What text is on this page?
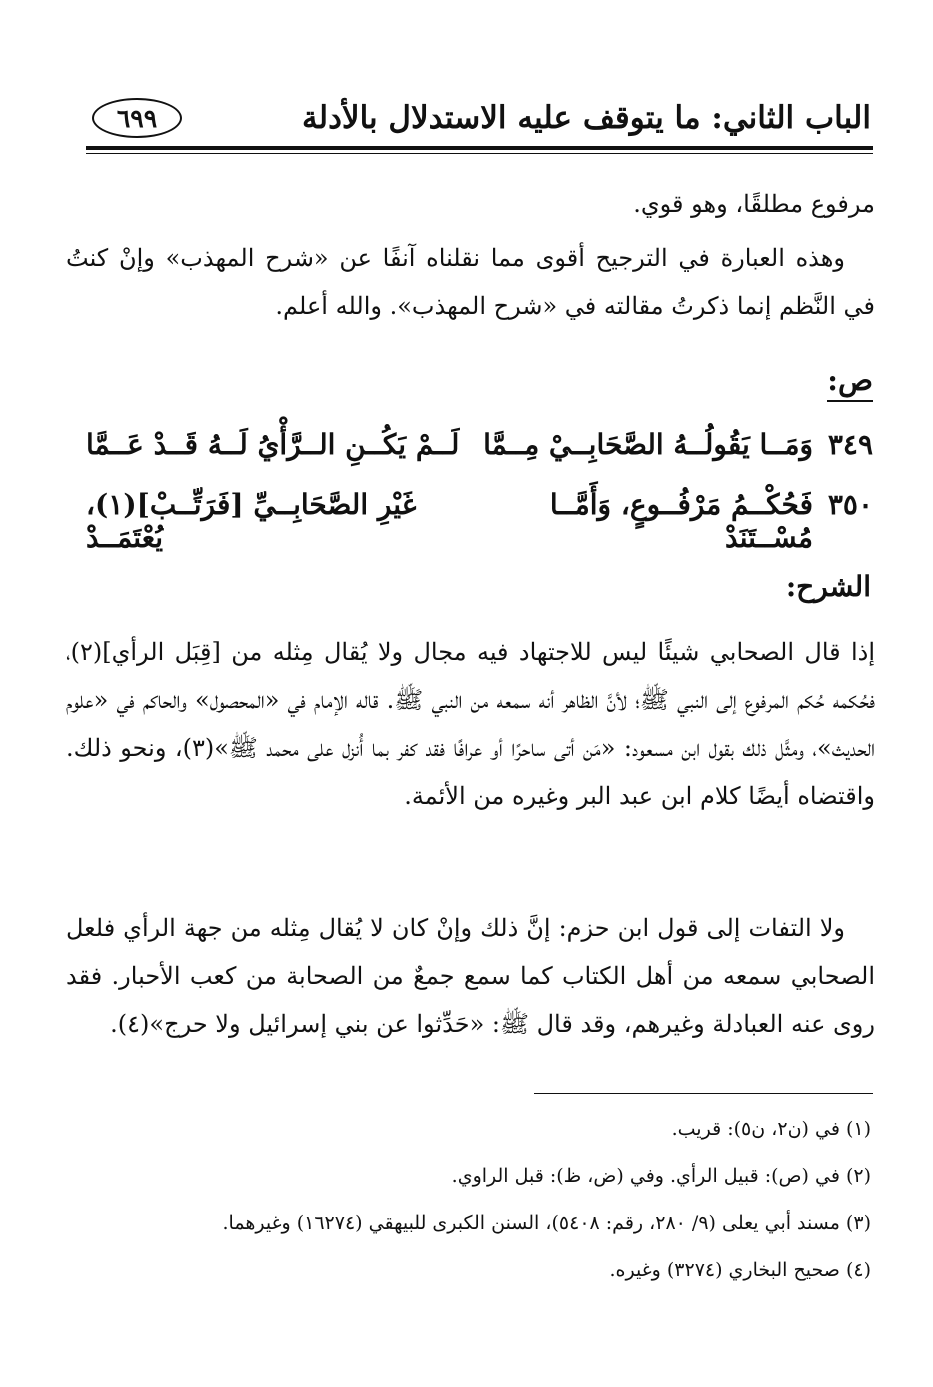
الباب الثاني: ما يتوقف عليه الاستدلال بالأدلة
٦٩٩
مرفوع مطلقًا، وهو قوي.
وهذه العبارة في الترجيح أقوى مما نقلناه آنفًا عن «شرح المهذب» وإنْ كنتُ في النَّظم إنما ذكرتُ مقالته في «شرح المهذب». والله أعلم.
ص:
٣٤٩
وَمَــا يَقُولُــهُ الصَّحَابِــيْ مِــمَّا
لَــمْ يَكُــنِ الــرَّأْيُ لَــهُ قَــدْ عَــمَّا
٣٥٠
فَحُكْــمُ مَرْفُــوعٍ، وَأَمَّــا مُسْــتَنَدْ
غَيْرِ الصَّحَابِــيِّ [فَرَتِّــبْ](١)، يُعْتَمَــدْ
الشرح:
إذا قال الصحابي شيئًا ليس للاجتهاد فيه مجال ولا يُقال مِثله من [قِبَل الرأي](٢)، فحُكمه حُكم المرفوع إلى النبي ﷺ؛ لأنَّ الظاهر أنه سمعه من النبي ﷺ. قاله الإمام في «المحصول» والحاكم في «علوم الحديث»، ومثَّل ذلك بقول ابن مسعود: «مَن أتى ساحرًا أو عرافًا فقد كفر بما أُنزل على محمد ﷺ»(٣)، ونحو ذلك. واقتضاه أيضًا كلام ابن عبد البر وغيره من الأئمة.
ولا التفات إلى قول ابن حزم: إنَّ ذلك وإنْ كان لا يُقال مِثله من جهة الرأي فلعل الصحابي سمعه من أهل الكتاب كما سمع جمعٌ من الصحابة من كعب الأحبار. فقد روى عنه العبادلة وغيرهم، وقد قال ﷺ: «حَدِّثوا عن بني إسرائيل ولا حرج»(٤).
(١) في (ن٢، ن٥): قريب.
(٢) في (ص): قبيل الرأي. وفي (ض، ظ): قبل الراوي.
(٣) مسند أبي يعلى (٩/ ٢٨٠، رقم: ٥٤٠٨)، السنن الكبرى للبيهقي (١٦٢٧٤) وغيرهما.
(٤) صحيح البخاري (٣٢٧٤) وغيره.
